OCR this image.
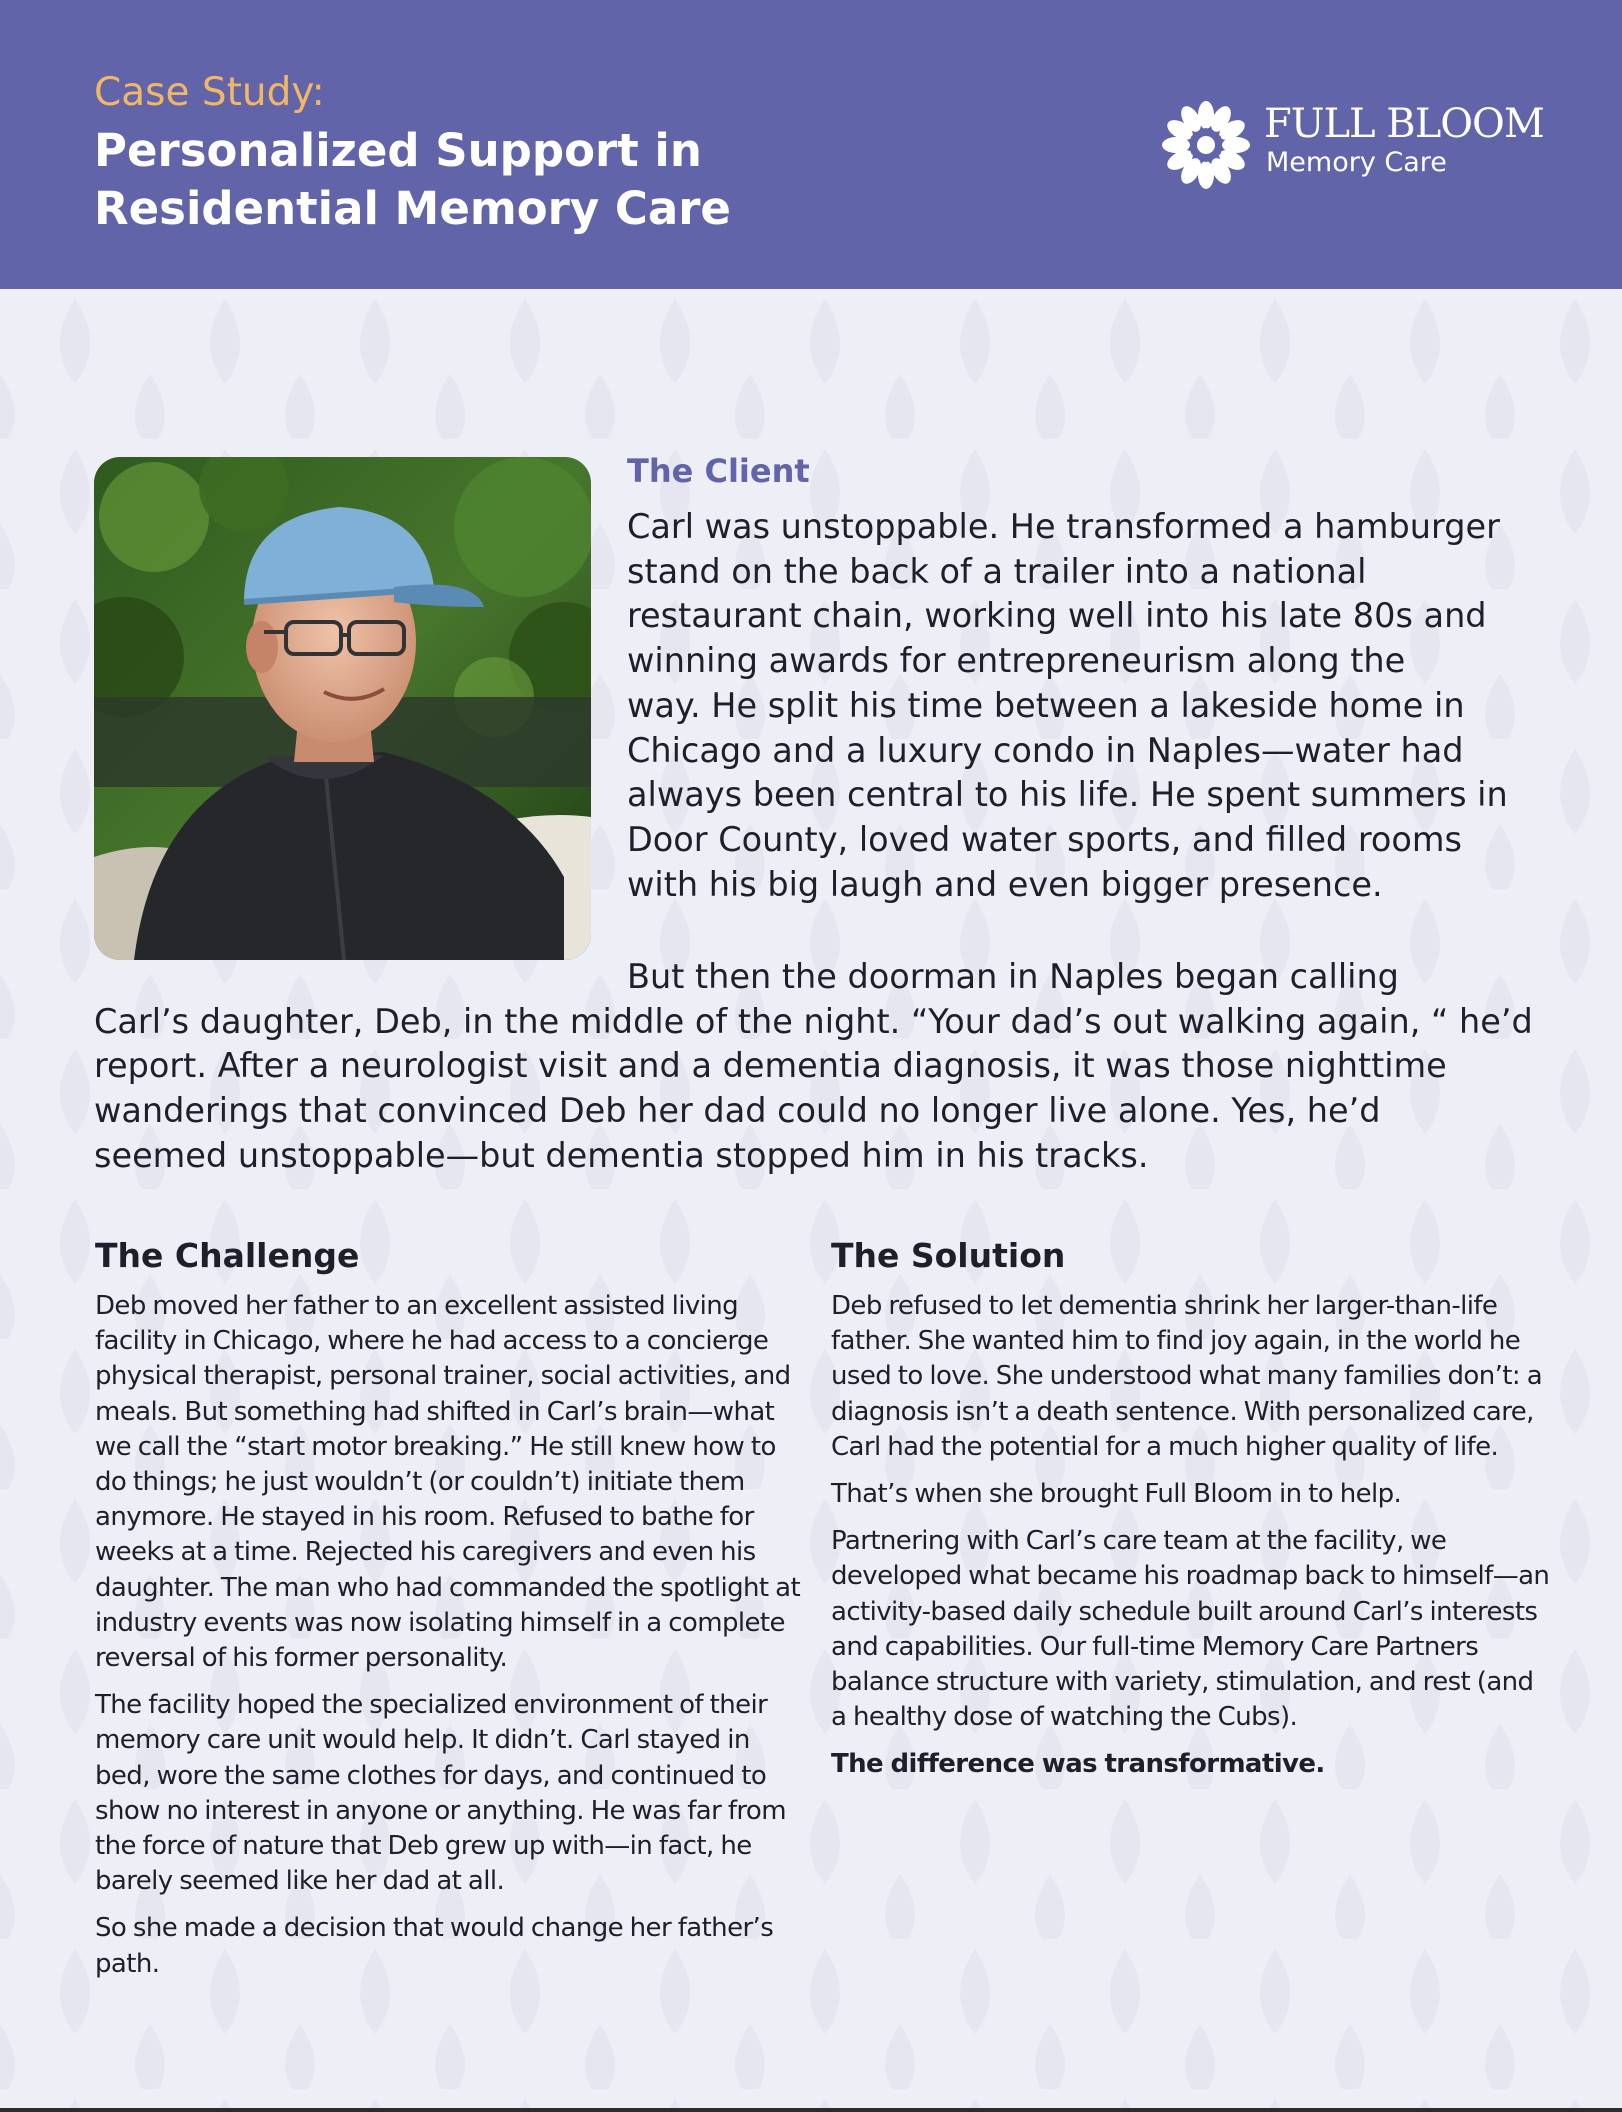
Case Study:
Personalized Support in
Residential Memory Care
FULL BLOOM
Memory Care
The Client
Carl was unstoppable. He transformed a hamburger
stand on the back of a trailer into a national
restaurant chain, working well into his late 80s and
winning awards for entrepreneurism along the
way. He split his time between a lakeside home in
Chicago and a luxury condo in Naples—water had
always been central to his life. He spent summers in
Door County, loved water sports, and filled rooms
with his big laugh and even bigger presence.
But then the doorman in Naples began calling
Carl’s daughter, Deb, in the middle of the night. “Your dad’s out walking again, “ he’d
report. After a neurologist visit and a dementia diagnosis, it was those nighttime
wanderings that convinced Deb her dad could no longer live alone. Yes, he’d
seemed unstoppable—but dementia stopped him in his tracks.
The Challenge

Deb moved her father to an excellent assisted living facility in Chicago, where he had access to a concierge physical therapist, personal trainer, social activities, and meals. But something had shifted in Carl’s brain—what we call the “start motor breaking.” He still knew how to do things; he just wouldn’t (or couldn’t) initiate them anymore. He stayed in his room. Refused to bathe for weeks at a time. Rejected his caregivers and even his daughter. The man who had commanded the spotlight at industry events was now isolating himself in a complete reversal of his former personality.

The facility hoped the specialized environment of their memory care unit would help. It didn’t. Carl stayed in bed, wore the same clothes for days, and continued to show no interest in anyone or anything. He was far from the force of nature that Deb grew up with—in fact, he barely seemed like her dad at all.

So she made a decision that would change her father’s path.

The Solution

Deb refused to let dementia shrink her larger-than-life father. She wanted him to find joy again, in the world he used to love. She understood what many families don’t: a diagnosis isn’t a death sentence. With personalized care, Carl had the potential for a much higher quality of life.

That’s when she brought Full Bloom in to help.

Partnering with Carl’s care team at the facility, we developed what became his roadmap back to himself—an activity-based daily schedule built around Carl’s interests and capabilities. Our full-time Memory Care Partners balance structure with variety, stimulation, and rest (and a healthy dose of watching the Cubs).

The difference was transformative.
